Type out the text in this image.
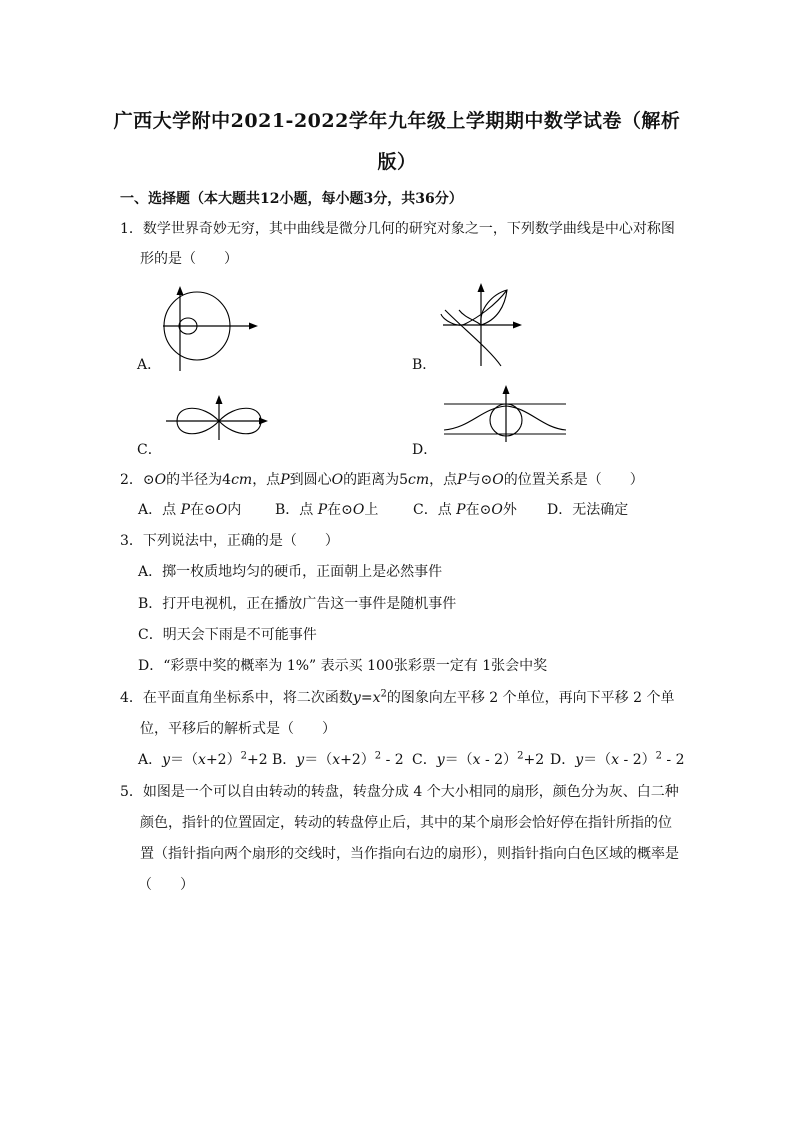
广西大学附中2021-2022学年九年级上学期期中数学试卷（解析
版）
一、选择题（本大题共12小题，每小题3分，共36分）
1．数学世界奇妙无穷，其中曲线是微分几何的研究对象之一，下列数学曲线是中心对称图
形的是（　　）
A．	B．
C．	D．
2．⊙O的半径为4cm，点P到圆心O的距离为5cm，点P与⊙O的位置关系是（　　）
A．点 P在⊙O内 B．点 P在⊙O上 C．点 P在⊙O外 D．无法确定
3．下列说法中，正确的是（　　）
A．掷一枚质地均匀的硬币，正面朝上是必然事件
B．打开电视机，正在播放广告这一事件是随机事件
C．明天会下雨是不可能事件
D．“彩票中奖的概率为 1%” 表示买 100张彩票一定有 1张会中奖
4．在平面直角坐标系中，将二次函数$y=x^2$的图象向左平移 2 个单位，再向下平移 2 个单
位，平移后的解析式是（　　）
A．$y=(x+2)^2+2$ B．$y=(x+2)^2 - 2$ C．y＝（x - 2）$^2$+2 D．y＝（x - 2）$^2$ - 2
5．如图是一个可以自由转动的转盘，转盘分成 4 个大小相同的扇形，颜色分为灰、白二种
颜色，指针的位置固定，转动的转盘停止后，其中的某个扇形会恰好停在指针所指的位
置（指针指向两个扇形的交线时，当作指向右边的扇形），则指针指向白色区域的概率是
（　　）
